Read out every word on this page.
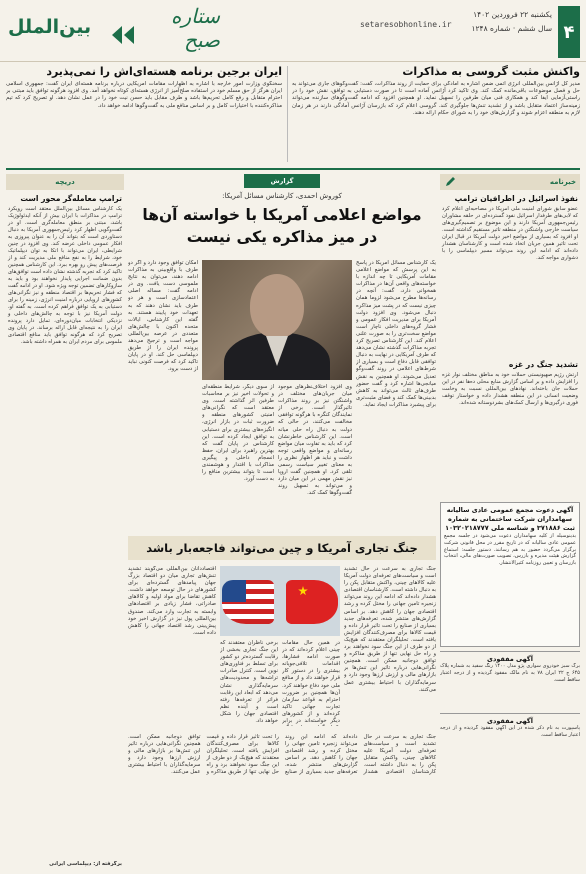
۴
یکشنبه ۲۲ فروردین ۱۴۰۲
سال ششم · شماره ۱۲۴۸
setaresobhonline.ir
ستاره صبح
بین‌الملل
واکنش مثبت گروسی به مذاکرات
مدیر کل آژانس بین‌المللی انرژی اتمی ضمن اشاره به آمادگی برای حمایت از روند مذاکرات، گفت: گفت‌وگوهای جاری می‌تواند به حل و فصل موضوعات باقی‌مانده کمک کند. وی تاکید کرد آژانس آماده است تا در صورت دستیابی به توافق، نقش خود را در راستی‌آزمایی ایفا کند و همکاری فنی میان طرفین را تسهیل نماید. او همچنین افزود که ادامه گفت‌وگوهای سازنده می‌تواند زمینه‌ساز اعتماد متقابل باشد و از تشدید تنش‌ها جلوگیری کند. گروسی اعلام کرد که بازرسان آژانس آمادگی دارند در هر زمان لازم به منطقه اعزام شوند و گزارش‌های خود را به شورای حکام ارائه دهند.
ایران برجین برنامه هسته‌ای‌اش را نمی‌پذیرد
سخنگوی وزارت امور خارجه با اشاره به اظهارات مقامات آمریکایی درباره برنامه هسته‌ای ایران گفت: جمهوری اسلامی ایران هرگز از حق مسلم خود در استفاده صلح‌آمیز از انرژی هسته‌ای کوتاه نخواهد آمد. وی افزود هرگونه توافق باید مبتنی بر احترام متقابل و رفع کامل تحریم‌ها باشد و طرف مقابل باید حسن نیت خود را در عمل نشان دهد. او تصریح کرد که تیم مذاکره‌کننده با اختیارات کامل و بر اساس منافع ملی به گفت‌وگوها ادامه خواهد داد.
خبرنامه
نفوذ اسرائیل در اطرافیان ترامپ
عضو سابق شورای امنیت ملی آمریکا در مصاحبه‌ای اعلام کرد که لابی‌های طرفدار اسرائیل نفوذ گسترده‌ای در حلقه مشاوران رئیس‌جمهوری آمریکا دارند و این موضوع بر تصمیم‌گیری‌های سیاست خارجی واشنگتن در منطقه تاثیر مستقیم گذاشته است. او افزود که بسیاری از مواضع اخیر دولت آمریکا در قبال ایران تحت تاثیر همین جریان اتخاذ شده است و کارشناسان هشدار داده‌اند که ادامه این روند می‌تواند مسیر دیپلماسی را با دشواری مواجه کند.
تشدید جنگ در غزه
ارتش رژیم صهیونیستی حملات خود به مناطق مختلف نوار غزه را افزایش داده و بر اساس گزارش منابع محلی ده‌ها نفر در این حملات جان باخته‌اند. نهادهای بین‌المللی نسبت به وخامت وضعیت انسانی در این منطقه هشدار داده و خواستار توقف فوری درگیری‌ها و ارسال کمک‌های بشردوستانه شده‌اند.
آگهی دعوت مجمع عمومی عادی سالیانه سهامداران شرکت ساختمانی به شماره ثبت ۳۷۱۸۸۶ و شناسه ملی ۱۰۳۲۰۲۱۸۷۷۷

بدینوسیله از کلیه سهامداران دعوت می‌شود در جلسه مجمع عمومی عادی سالیانه که در تاریخ مقرر در محل قانونی شرکت برگزار می‌گردد حضور به هم رسانند. دستور جلسه: استماع گزارش هیئت مدیره و بازرس، تصویب صورت‌های مالی، انتخاب بازرسان و تعیین روزنامه کثیرالانتشار.

آگهی مفقودی

برگ سبز خودروی سواری پژو مدل ۱۴۰۰ رنگ سفید به شماره پلاک ۶۴۵ ج ۲۲ ایران ۷۸ به نام مالک مفقود گردیده و از درجه اعتبار ساقط است.

آگهی مفقودی

پاسپورت به نام ذکر شده در این آگهی مفقود گردیده و از درجه اعتبار ساقط است.

دریچه
ترامپ معامله‌گر محور است
یک کارشناس مسائل بین‌الملل معتقد است رویکرد ترامپ در مذاکرات با ایران بیش از آنکه ایدئولوژیک باشد، مبتنی بر منطق معامله‌گری است. او در گفت‌وگویی اظهار کرد رئیس‌جمهوری آمریکا به دنبال دستاوردی است که بتواند آن را به عنوان پیروزی به افکار عمومی داخلی عرضه کند. وی افزود در چنین شرایطی، ایران می‌تواند با اتکا به توان دیپلماتیک خود، شرایط را به نفع منافع ملی مدیریت کند و از فرصت‌های پیش رو بهره ببرد. این کارشناس همچنین تاکید کرد که تجربه گذشته نشان داده است توافق‌های بدون ضمانت اجرایی پایدار نخواهند بود و باید به سازوکارهای تضمین توجه ویژه شود. او در ادامه گفت که فشار تحریم‌ها بر اقتصاد منطقه و نیز نگرانی‌های کشورهای اروپایی درباره امنیت انرژی، زمینه را برای دستیابی به یک توافق فراهم کرده است. به گفته او، دولت آمریکا نیز با توجه به چالش‌های داخلی و نزدیکی انتخابات میان‌دوره‌ای، تمایل دارد پرونده ایران را به نتیجه‌ای قابل ارائه برساند. در پایان وی تصریح کرد که هرگونه توافق باید منافع اقتصادی ملموس برای مردم ایران به همراه داشته باشد.
برگرفته از: دیپلماسی ایرانی
گزارش
کوروش احمدی، کارشناس مسائل آمریکا:
مواضع اعلامی آمریکا با خواسته آن‌ها
در میز مذاکره یکی نیست
یک کارشناس مسائل آمریکا در پاسخ به این پرسش که مواضع اعلامی مقامات آمریکایی تا چه اندازه با خواسته‌های واقعی آن‌ها در مذاکرات همخوانی دارد، گفت: آنچه در رسانه‌ها مطرح می‌شود لزوما همان چیزی نیست که در پشت میز مذاکره دنبال می‌شود. وی افزود دولت آمریکا برای مدیریت افکار عمومی و فشار گروه‌های داخلی ناچار است مواضع سخت‌تری را به صورت علنی اعلام کند. این کارشناس تصریح کرد تجربه مذاکرات گذشته نشان می‌دهد که طرف آمریکایی در نهایت به دنبال توافقی قابل دفاع است و بسیاری از شرط‌های اعلامی در روند گفت‌وگو تعدیل می‌شوند. او همچنین به نقش میانجی‌ها اشاره کرد و گفت حضور طرف‌های ثالث می‌تواند به کاهش بدبینی‌ها کمک کند و فضای مثبت‌تری برای پیشبرد مذاکرات ایجاد نماید.
امکان توافق وجود دارد و اگر دو طرف با واقع‌بینی به مذاکرات ادامه دهند، می‌توان به نتایج ملموسی دست یافت. وی در ادامه گفت: مساله اصلی اعتمادسازی است و هر دو طرف باید نشان دهند که به تعهدات خود پایبند هستند. به گفته این کارشناس، ایالات متحده اکنون با چالش‌های متعددی در عرصه بین‌المللی مواجه است و ترجیح می‌دهد پرونده ایران را از طریق دیپلماسی حل کند. او در پایان تاکید کرد که فرصت کنونی نباید از دست برود.
وی افزود اختلاف‌نظرهای موجود میان جریان‌های مختلف در واشنگتن نیز بر روند مذاکرات تاثیرگذار است. برخی از نمایندگان کنگره با هرگونه توافقی مخالفت می‌کنند، در حالی که دولت به دنبال راه حلی میانه است. این کارشناس خاطرنشان کرد که باید به تفاوت میان مواضع رسانه‌ای و مواضع واقعی توجه داشت و نباید هر اظهار نظری را به معنای تغییر سیاست رسمی تلقی کرد. او همچنین گفت اروپا نیز نقش مهمی در این میان دارد و می‌تواند به تسهیل روند گفت‌وگوها کمک کند.
از سوی دیگر، شرایط منطقه‌ای و تحولات اخیر نیز بر محاسبات طرفین اثر گذاشته است. وی معتقد است که نگرانی‌های امنیتی کشورهای منطقه و ضرورت ثبات در بازار انرژی، انگیزه‌های بیشتری برای دستیابی به توافق ایجاد کرده است. این کارشناس در پایان گفت که بهترین راهبرد برای ایران، حفظ انسجام داخلی و پیگیری مذاکرات با اقتدار و هوشمندی است تا بتواند بیشترین منافع را به دست آورد.
جنگ تجاری آمریکا و چین می‌تواند فاجعه‌بار باشد
جنگ تجاری به سرعت در حال تشدید است و سیاست‌های تعرفه‌ای دولت آمریکا علیه کالاهای چینی، واکنش متقابل پکن را به دنبال داشته است. کارشناسان اقتصادی هشدار داده‌اند که ادامه این روند می‌تواند زنجیره تامین جهانی را مختل کرده و رشد اقتصادی جهان را کاهش دهد. بر اساس گزارش‌های منتشر شده، تعرفه‌های جدید بسیاری از صنایع را تحت تاثیر قرار داده و قیمت کالاها برای مصرف‌کنندگان افزایش یافته است. تحلیلگران معتقدند که هیچ‌یک از دو طرف از این جنگ سود نخواهند برد و راه حل نهایی تنها از طریق مذاکره و توافق دوجانبه ممکن است. همچنین نگرانی‌هایی درباره تاثیر این تنش‌ها بر بازارهای مالی و ارزش ارزها وجود دارد و سرمایه‌گذاران با احتیاط بیشتری عمل می‌کنند.
اقتصاددانان بین‌المللی می‌گویند تشدید تنش‌های تجاری میان دو اقتصاد بزرگ جهان پیامدهای گسترده‌ای برای کشورهای در حال توسعه خواهد داشت. کاهش تقاضا برای مواد اولیه و کالاهای صادراتی، فشار زیادی بر اقتصادهای وابسته به تجارت وارد می‌کند. صندوق بین‌المللی پول نیز در گزارش اخیر خود پیش‌بینی رشد اقتصاد جهانی را کاهش داده است.
در همین حال مقامات چینی اعلام کرده‌اند که در صورت ادامه فشارها، اقدامات تلافی‌جویانه بیشتری را در دستور کار قرار خواهند داد و از منافع ملی خود دفاع خواهند کرد. آن‌ها همچنین بر ضرورت احترام به قواعد سازمان تجارت جهانی تاکید کرده‌اند و از کشورهای دیگر خواسته‌اند در برابر
برخی ناظران معتقدند که این جنگ تجاری بخشی از رقابت گسترده‌تر دو کشور برای تسلط بر فناوری‌های نوین است. کنترل صادرات تراشه‌ها و محدودیت‌های سرمایه‌گذاری نشان می‌دهد که ابعاد این رقابت فراتر از تعرفه‌ها رفته است و آینده نظم اقتصادی جهان را شکل خواهد داد.
جنگ تجاری به سرعت در حال تشدید است و سیاست‌های تعرفه‌ای دولت آمریکا علیه کالاهای چینی، واکنش متقابل پکن را به دنبال داشته است. کارشناسان اقتصادی هشدار داده‌اند که ادامه این روند می‌تواند زنجیره تامین جهانی را مختل کرده و رشد اقتصادی جهان را کاهش دهد. بر اساس گزارش‌های منتشر شده، تعرفه‌های جدید بسیاری از صنایع را تحت تاثیر قرار داده و قیمت کالاها برای مصرف‌کنندگان افزایش یافته است. تحلیلگران معتقدند که هیچ‌یک از دو طرف از این جنگ سود نخواهند برد و راه حل نهایی تنها از طریق مذاکره و توافق دوجانبه ممکن است. همچنین نگرانی‌هایی درباره تاثیر این تنش‌ها بر بازارهای مالی و ارزش ارزها وجود دارد و سرمایه‌گذاران با احتیاط بیشتری عمل می‌کنند.
